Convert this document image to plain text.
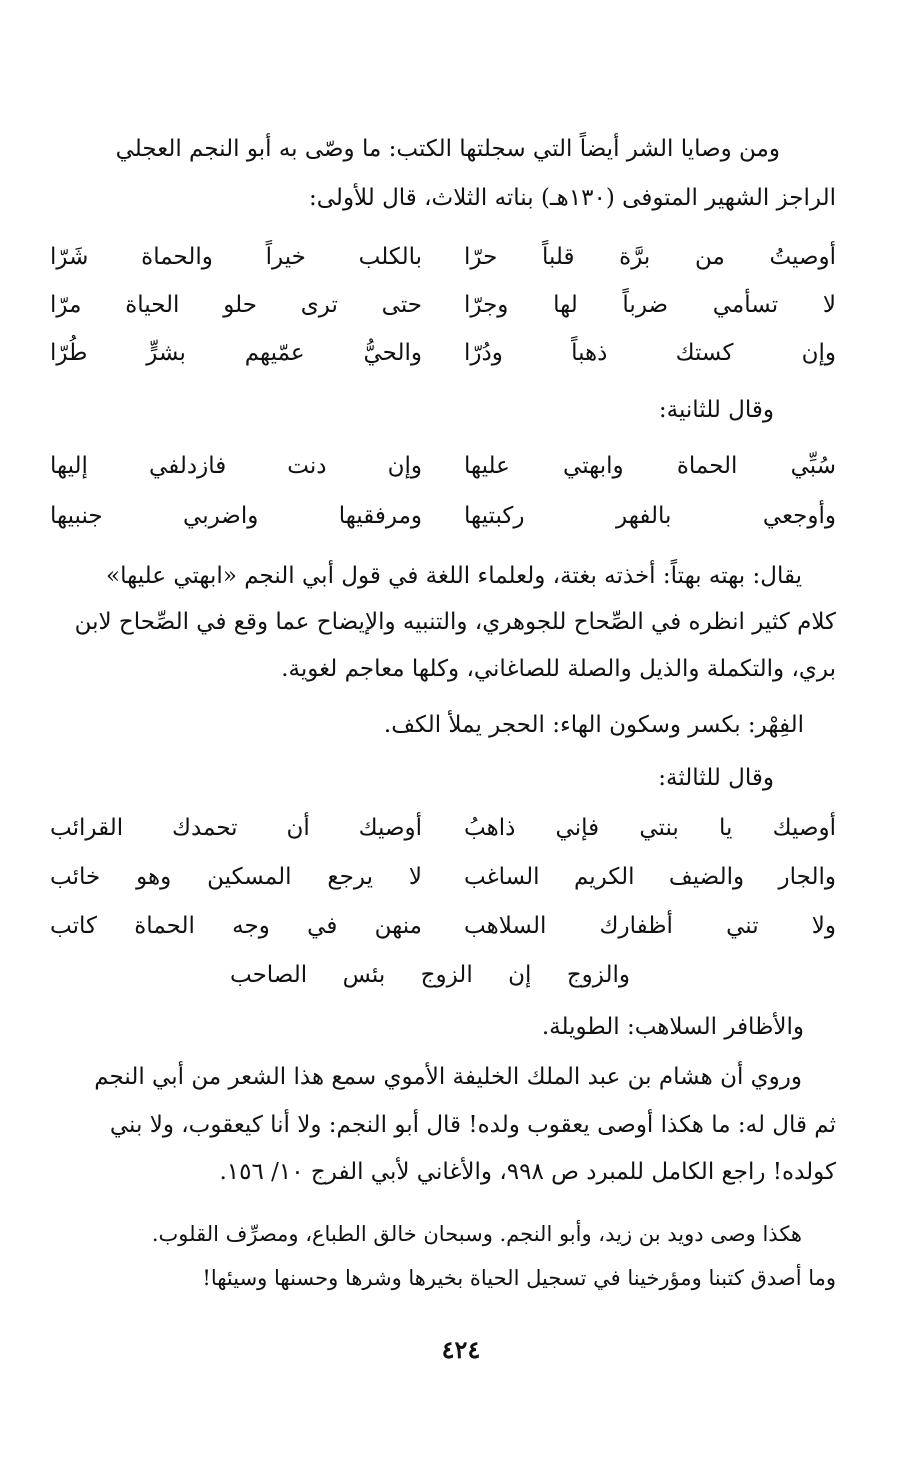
ومن وصايا الشر أيضاً التي سجلتها الكتب: ما وصّى به أبو النجم العجلي
الراجز الشهير المتوفى (١٣٠هـ) بناته الثلاث، قال للأولى:
أوصيتُ من برَّة قلباً حرّا
بالكلب خيراً والحماة شَرّا
لا تسأمي ضرباً لها وجرّا
حتى ترى حلو الحياة مرّا
وإن كستك ذهباً ودُرّا
والحيُّ عمّيهم بشرٍّ طُرّا
وقال للثانية:
سُبِّي الحماة وابهتي عليها
وإن دنت فازدلفي إليها
وأوجعي بالفهر ركبتيها
ومرفقيها واضربي جنبيها
يقال: بهته بهتاً: أخذته بغتة، ولعلماء اللغة في قول أبي النجم «ابهتي عليها»
كلام كثير انظره في الصِّحاح للجوهري، والتنبيه والإيضاح عما وقع في الصِّحاح لابن
بري، والتكملة والذيل والصلة للصاغاني، وكلها معاجم لغوية.
الفِهْر: بكسر وسكون الهاء: الحجر يملأ الكف.
وقال للثالثة:
أوصيك يا بنتي فإني ذاهبُ
أوصيك أن تحمدك القرائب
والجار والضيف الكريم الساغب
لا يرجع المسكين وهو خائب
ولا تني أظفارك السلاهب
منهن في وجه الحماة كاتب
والزوج إن الزوج بئس الصاحب
والأظافر السلاهب: الطويلة.
وروي أن هشام بن عبد الملك الخليفة الأموي سمع هذا الشعر من أبي النجم
ثم قال له: ما هكذا أوصى يعقوب ولده! قال أبو النجم: ولا أنا كيعقوب، ولا بني
كولده! راجع الكامل للمبرد ص ٩٩٨، والأغاني لأبي الفرج ١٠/ ١٥٦.
هكذا وصى دويد بن زيد، وأبو النجم. وسبحان خالق الطباع، ومصرِّف القلوب.
وما أصدق كتبنا ومؤرخينا في تسجيل الحياة بخيرها وشرها وحسنها وسيئها!
٤٢٤
